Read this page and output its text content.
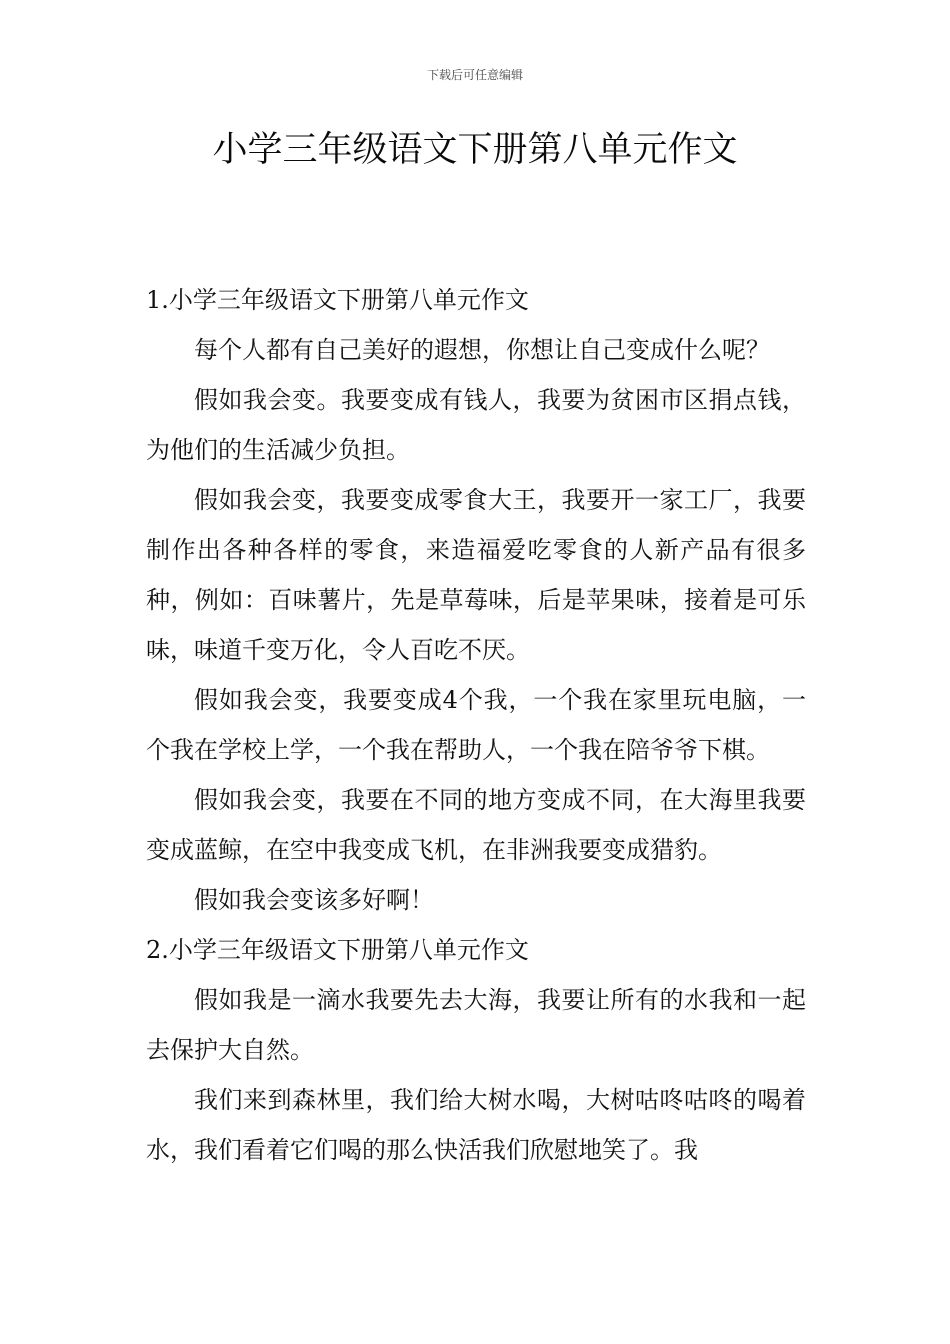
下载后可任意编辑
小学三年级语文下册第八单元作文
1.小学三年级语文下册第八单元作文

每个人都有自己美好的遐想，你想让自己变成什么呢？

假如我会变。我要变成有钱人，我要为贫困市区捐点钱，为他们的生活减少负担。

假如我会变，我要变成零食大王，我要开一家工厂，我要制作出各种各样的零食，来造福爱吃零食的人新产品有很多种，例如：百味薯片，先是草莓味，后是苹果味，接着是可乐味，味道千变万化，令人百吃不厌。

假如我会变，我要变成4个我，一个我在家里玩电脑，一个我在学校上学，一个我在帮助人，一个我在陪爷爷下棋。

假如我会变，我要在不同的地方变成不同，在大海里我要变成蓝鲸，在空中我变成飞机，在非洲我要变成猎豹。

假如我会变该多好啊！

2.小学三年级语文下册第八单元作文

假如我是一滴水我要先去大海，我要让所有的水我和一起去保护大自然。

我们来到森林里，我们给大树水喝，大树咕咚咕咚的喝着水，我们看着它们喝的那么快活我们欣慰地笑了。我
